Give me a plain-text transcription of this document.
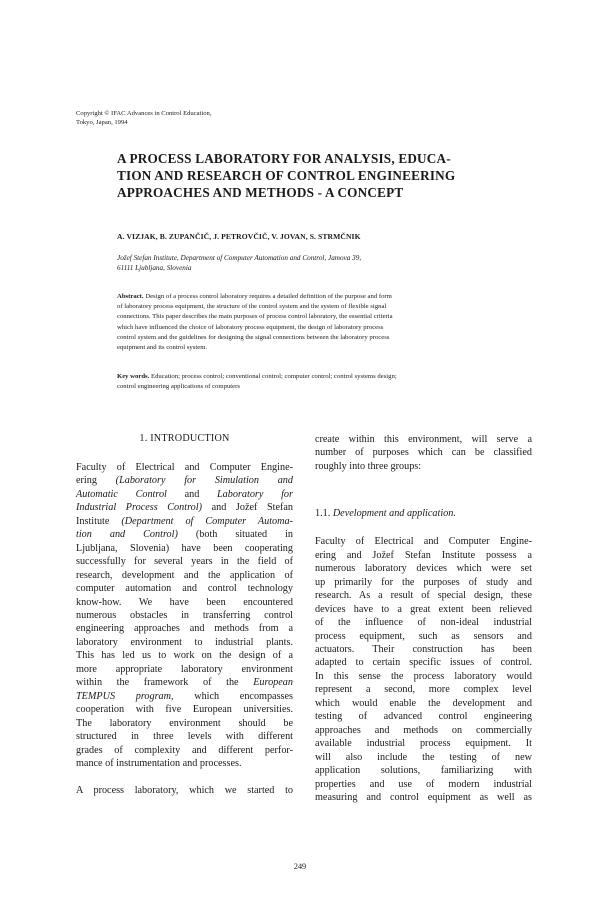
Copyright © IFAC Advances in Control Education,
Tokyo, Japan, 1994
A PROCESS LABORATORY FOR ANALYSIS, EDUCA-
TION AND RESEARCH OF CONTROL ENGINEERING
APPROACHES AND METHODS - A CONCEPT
A. VIZJAK, B. ZUPANČIČ, J. PETROVČIČ, V. JOVAN, S. STRMČNIK
Jožef Stefan Institute, Department of Computer Automation and Control, Jamova 39,
61111 Ljubljana, Slovenia
Abstract. Design of a process control laboratory requires a detailed definition of the purpose and form
of laboratory process equipment, the structure of the control system and the system of flexible signal
connections. This paper describes the main purposes of process control laboratory, the essential criteria
which have influenced the choice of laboratory process equipment, the design of laboratory process
control system and the guidelines for designing the signal connections between the laboratory process
equipment and its control system.
Key words. Education; process control; conventional control; computer control; control systems design;
control engineering applications of computers
1. INTRODUCTION
Faculty of Electrical and Computer Engine-
ering (Laboratory for Simulation and
Automatic Control and Laboratory for
Industrial Process Control) and Jožef Stefan
Institute (Department of Computer Automa-
tion and Control) (both situated in
Ljubljana, Slovenia) have been cooperating
successfully for several years in the field of
research, development and the application of
computer automation and control technology
know-how. We have been encountered
numerous obstacles in transferring control
engineering approaches and methods from a
laboratory environment to industrial plants.
This has led us to work on the design of a
more appropriate laboratory environment
within the framework of the European
TEMPUS program, which encompasses
cooperation with five European universities.
The laboratory environment should be
structured in three levels with different
grades of complexity and different perfor-
mance of instrumentation and processes.
A process laboratory, which we started to
create within this environment, will serve a
number of purposes which can be classified
roughly into three groups:
Faculty of Electrical and Computer Engine-
ering and Jožef Stefan Institute possess a
numerous laboratory devices which were set
up primarily for the purposes of study and
research. As a result of special design, these
devices have to a great extent been relieved
of the influence of non-ideal industrial
process equipment, such as sensors and
actuators. Their construction has been
adapted to certain specific issues of control.
In this sense the process laboratory would
represent a second, more complex level
which would enable the development and
testing of advanced control engineering
approaches and methods on commercially
available industrial process equipment. It
will also include the testing of new
application solutions, familiarizing with
properties and use of modern industrial
measuring and control equipment as well as
1.1. Development and application.
249
